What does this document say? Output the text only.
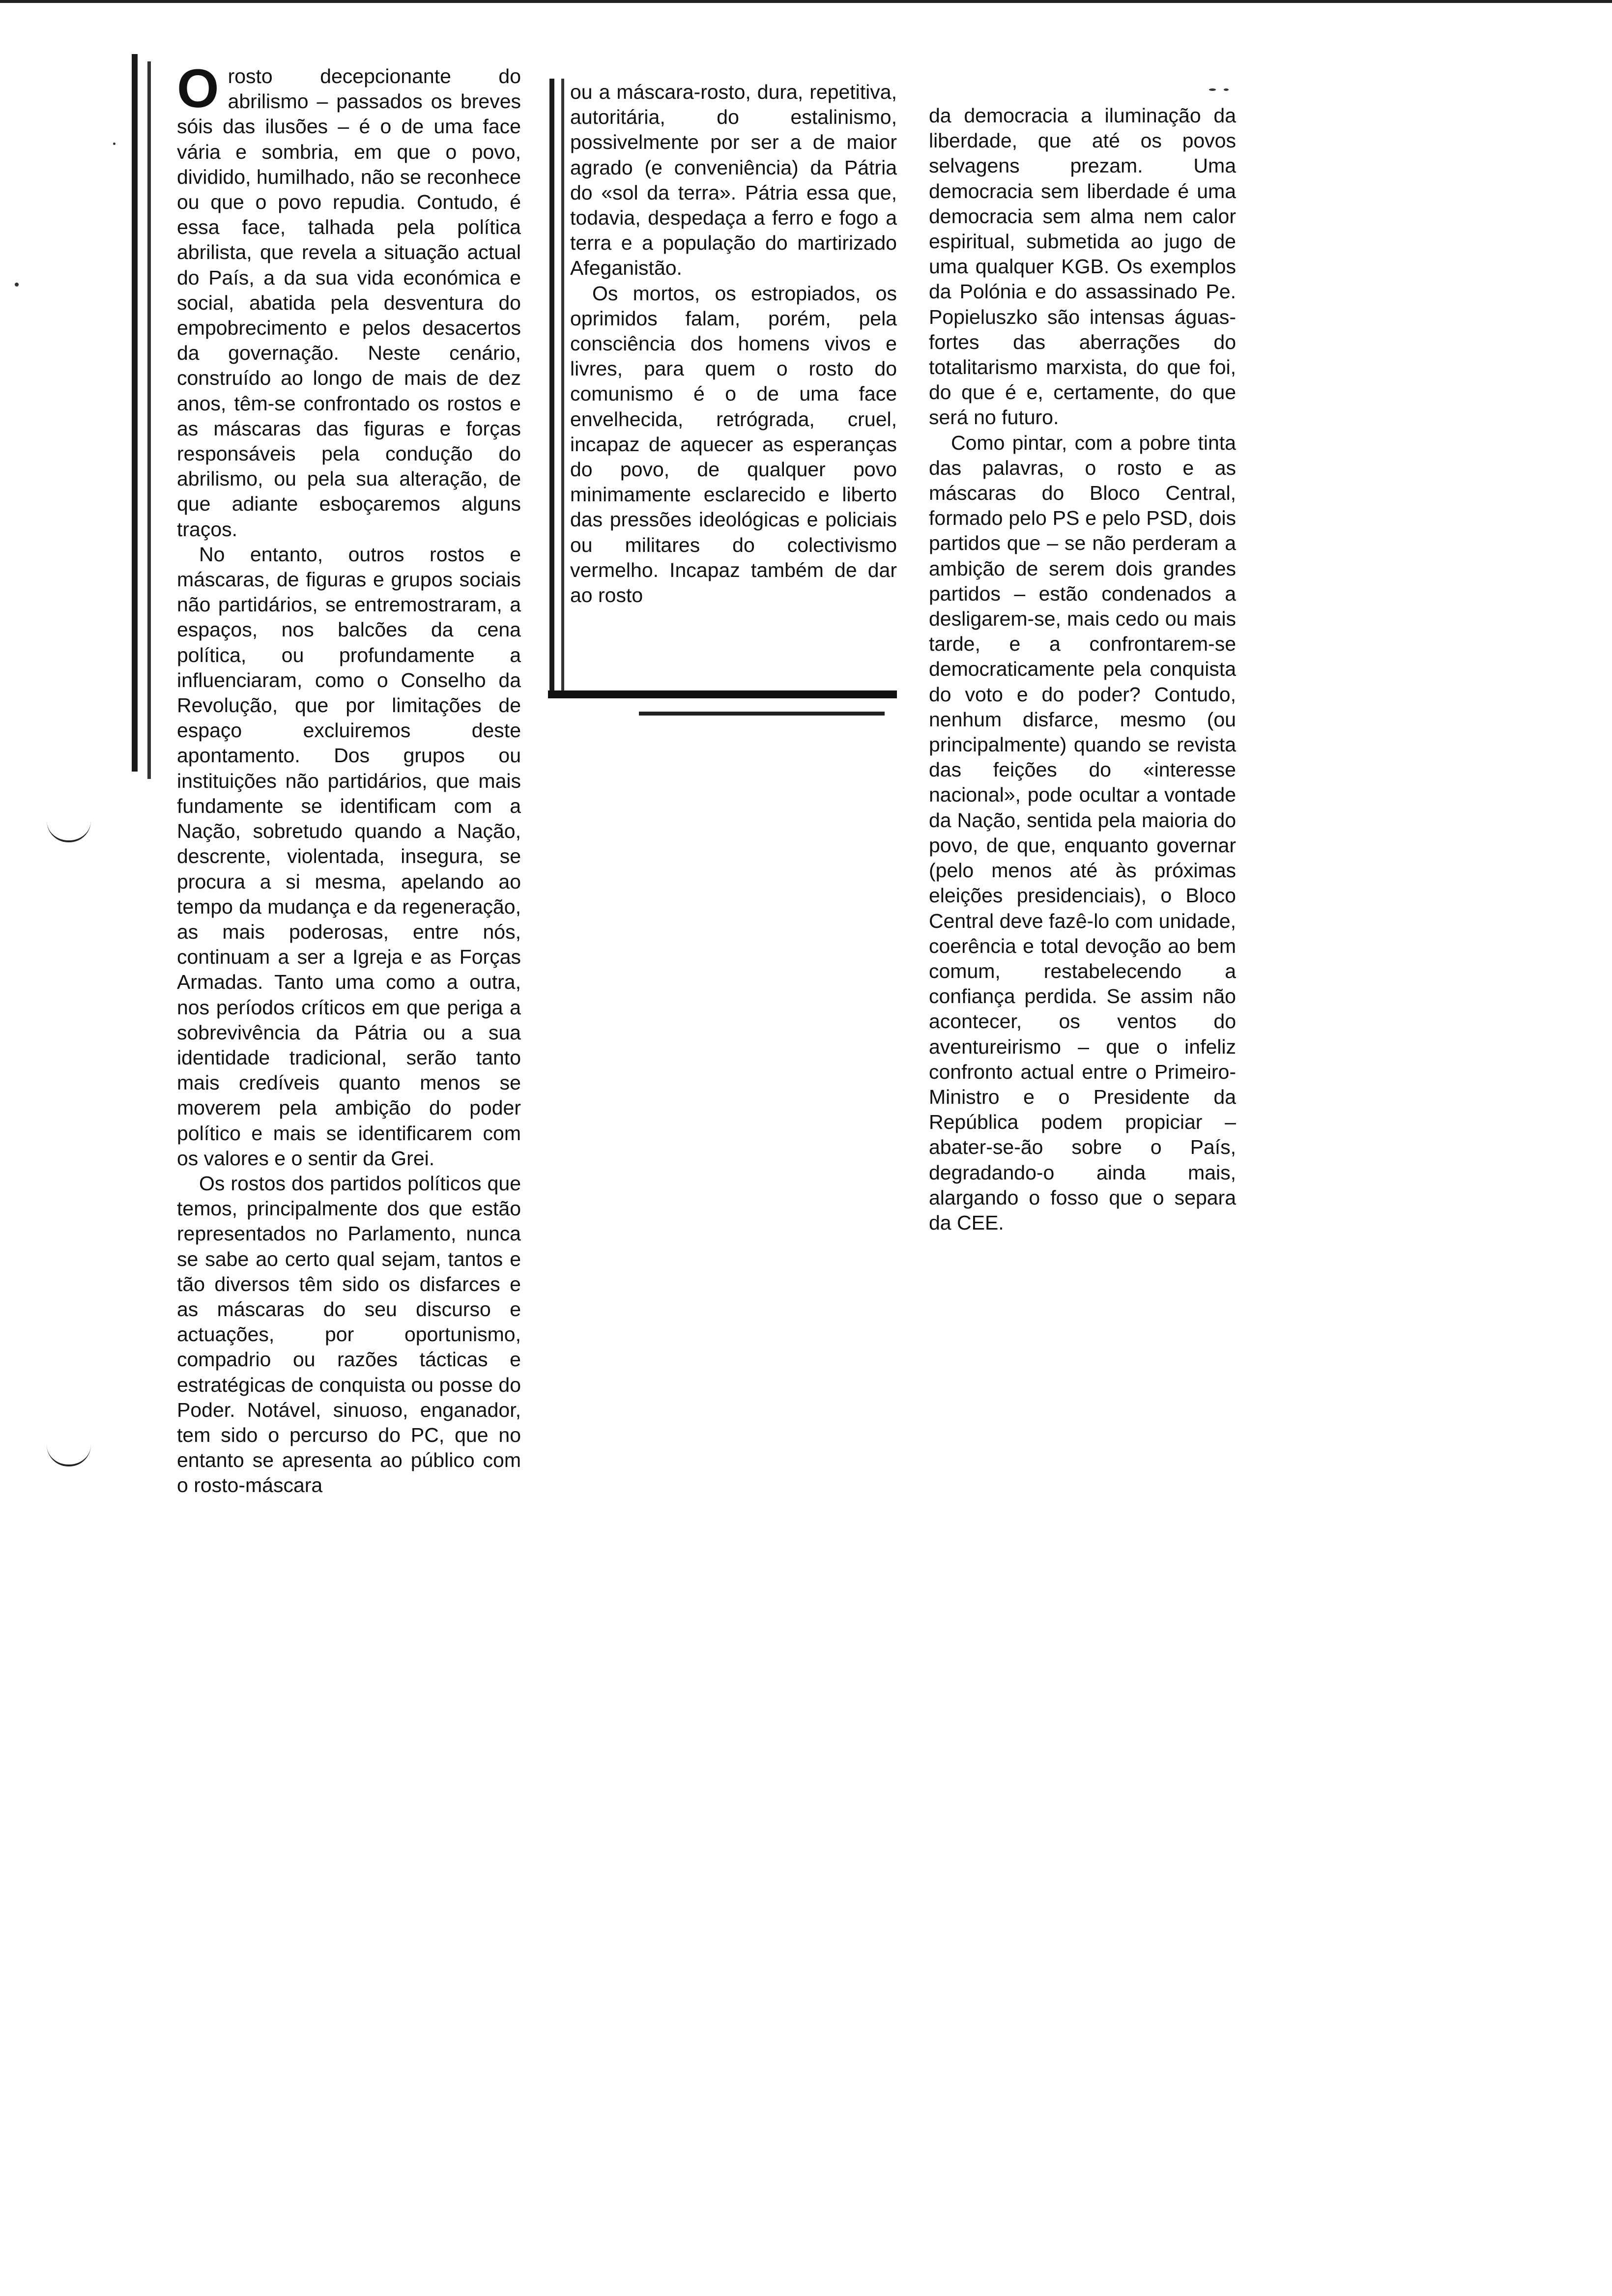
O rosto decepcionante do abrilismo – passados os breves sóis das ilusões – é o de uma face vária e sombria, em que o povo, dividido, humilhado, não se reconhece ou que o povo repudia. Contudo, é essa face, talhada pela política abrilista, que revela a situação actual do País, a da sua vida económica e social, abatida pela desventura do empobrecimento e pelos desacertos da governação. Neste cenário, construído ao longo de mais de dez anos, têm-se confrontado os rostos e as máscaras das figuras e forças responsáveis pela condução do abrilismo, ou pela sua alteração, de que adiante esboçaremos alguns traços.

No entanto, outros rostos e máscaras, de figuras e grupos sociais não partidários, se entremostraram, a espaços, nos balcões da cena política, ou profundamente a influenciaram, como o Conselho da Revolução, que por limitações de espaço excluiremos deste apontamento. Dos grupos ou instituições não partidários, que mais fundamente se identificam com a Nação, sobretudo quando a Nação, descrente, violentada, insegura, se procura a si mesma, apelando ao tempo da mudança e da regeneração, as mais poderosas, entre nós, continuam a ser a Igreja e as Forças Armadas. Tanto uma como a outra, nos períodos críticos em que periga a sobrevivência da Pátria ou a sua identidade tradicional, serão tanto mais credíveis quanto menos se moverem pela ambição do poder político e mais se identificarem com os valores e o sentir da Grei.

Os rostos dos partidos políticos que temos, principalmente dos que estão representados no Parlamento, nunca se sabe ao certo qual sejam, tantos e tão diversos têm sido os disfarces e as máscaras do seu discurso e actuações, por oportunismo, compadrio ou razões tácticas e estratégicas de conquista ou posse do Poder. Notável, sinuoso, enganador, tem sido o percurso do PC, que no entanto se apresenta ao público com o rosto-máscara

ou a máscara-rosto, dura, repetitiva, autoritária, do estalinismo, possivelmente por ser a de maior agrado (e conveniência) da Pátria do «sol da terra». Pátria essa que, todavia, despedaça a ferro e fogo a terra e a população do martirizado Afeganistão.

Os mortos, os estropiados, os oprimidos falam, porém, pela consciência dos homens vivos e livres, para quem o rosto do comunismo é o de uma face envelhecida, retrógrada, cruel, incapaz de aquecer as esperanças do povo, de qualquer povo minimamente esclarecido e liberto das pressões ideológicas e policiais ou militares do colectivismo vermelho. Incapaz também de dar ao rosto

da democracia a iluminação da liberdade, que até os povos selvagens prezam. Uma democracia sem liberdade é uma democracia sem alma nem calor espiritual, submetida ao jugo de uma qualquer KGB. Os exemplos da Polónia e do assassinado Pe. Popieluszko são intensas águas-fortes das aberrações do totalitarismo marxista, do que foi, do que é e, certamente, do que será no futuro.

Como pintar, com a pobre tinta das palavras, o rosto e as máscaras do Bloco Central, formado pelo PS e pelo PSD, dois partidos que – se não perderam a ambição de serem dois grandes partidos – estão condenados a desligarem-se, mais cedo ou mais tarde, e a confrontarem-se democraticamente pela conquista do voto e do poder? Contudo, nenhum disfarce, mesmo (ou principalmente) quando se revista das feições do «interesse nacional», pode ocultar a vontade da Nação, sentida pela maioria do povo, de que, enquanto governar (pelo menos até às próximas eleições presidenciais), o Bloco Central deve fazê-lo com unidade, coerência e total devoção ao bem comum, restabelecendo a confiança perdida. Se assim não acontecer, os ventos do aventureirismo – que o infeliz confronto actual entre o Primeiro-Ministro e o Presidente da República podem propiciar – abater-se-ão sobre o País, degradando-o ainda mais, alargando o fosso que o separa da CEE.
